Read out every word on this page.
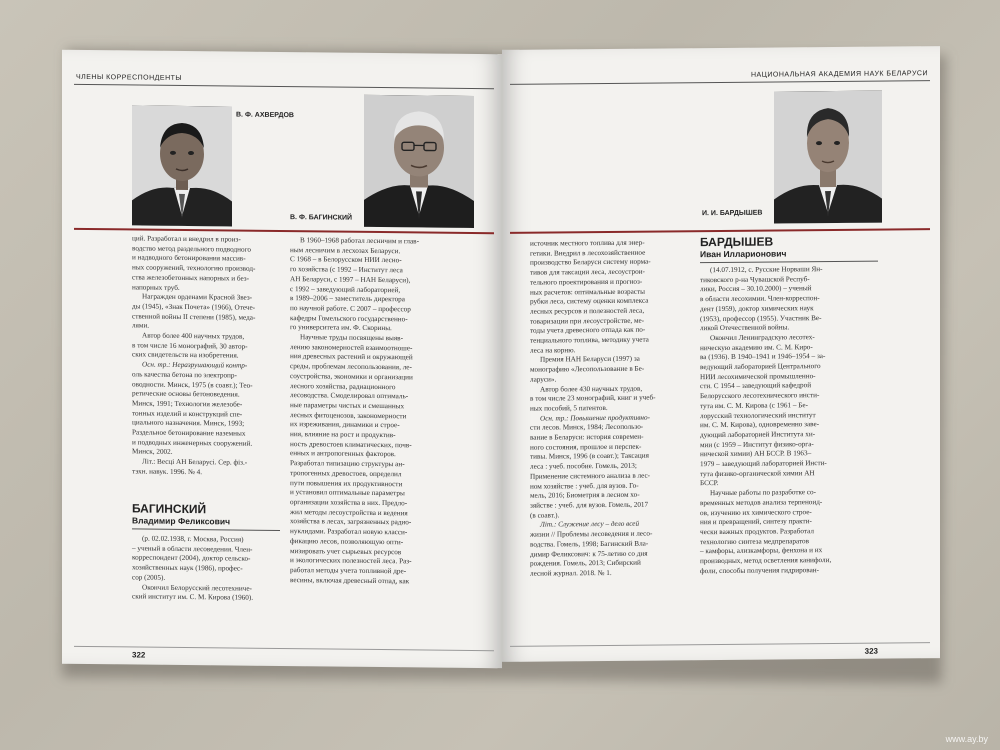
ЧЛЕНЫ КОРРЕСПОНДЕНТЫ
В. Ф. АХВЕРДОВ
В. Ф. БАГИНСКИЙ

ций. Разработал и внедрил в произ-

водство метод раздельного подводного

и надводного бетонирования массив-

ных сооружений, технологию производ-

ства железобетонных напорных и без-

напорных труб.

Награжден орденами Красной Звез-

ды (1945), «Знак Почета» (1966), Отече-

ственной войны II степени (1985), меда-

лями.

Автор более 400 научных трудов,

в том числе 16 монографий, 30 автор-

ских свидетельств на изобретения.

Осн. тр.: Неразрушающий контр-

оль качества бетона по электропр-

оводности. Минск, 1975 (в соавт.); Тео-

ретические основы бетоноведения.

Минск, 1991; Технология железобе-

тонных изделий и конструкций спе-

циального назначения. Минск, 1993;

Раздельное бетонирование наземных

и подводных инженерных сооружений.

Минск, 2002.

Літ.: Весці АН Беларусі. Сер. фіз.-

тэхн. навук. 1996. № 4.

БАГИНСКИЙ
Владимир Феликсович

(р. 02.02.1938, г. Москва, Россия)

– ученый в области лесоведения. Член-

корреспондент (2004), доктор сельско-

хозяйственных наук (1986), профес-

сор (2005).

Окончил Белорусский лесотехниче-

ский институт им. С. М. Кирова (1960).

В 1960–1968 работал лесничим и глав-

ным лесничим в лесхозах Беларуси.

С 1968 – в Белорусском НИИ лесно-

го хозяйства (с 1992 – Институт леса

АН Беларуси, с 1997 – НАН Беларуси),

с 1992 – заведующий лабораторией,

в 1989–2006 – заместитель директора

по научной работе. С 2007 – профессор

кафедры Гомельского государственно-

го университета им. Ф. Скорины.

Научные труды посвящены выяв-

лению закономерностей взаимоотноше-

ния древесных растений и окружающей

среды, проблемам лесопользования, ле-

соустройства, экономики и организации

лесного хозяйства, радиационного

лесоводства. Смоделировал оптималь-

ные параметры чистых и смешанных

лесных фитоценозов, закономерности

их изреживания, динамики и строе-

ния, влияние на рост и продуктив-

ность древостоев климатических, почв-

енных и антропогенных факторов.

Разработал типизацию структуры ан-

тропогенных древостоев, определил

пути повышения их продуктивности

и установил оптимальные параметры

организации хозяйства в них. Предло-

жил методы лесоустройства и ведения

хозяйства в лесах, загрязненных радио-

нуклидами. Разработал новую класси-

фикацию лесов, позволяющую опти-

мизировать учет сырьевых ресурсов

и экологических полезностей леса. Раз-

работал методы учета топливной дре-

весины, включая древесный отпад, как

322
НАЦИОНАЛЬНАЯ АКАДЕМИЯ НАУК БЕЛАРУСИ
И. И. БАРДЫШЕВ

источник местного топлива для энер-

гетики. Внедрил в лесохозяйственное

производство Беларуси систему норма-

тивов для таксации леса, лесоустрои-

тельного проектирования и прогноз-

ных расчетов: оптимальные возрасты

рубки леса, систему оценки комплекса

лесных ресурсов и полезностей леса,

товаризации при лесоустройстве, ме-

тоды учета древесного отпада как по-

тенциального топлива, методику учета

леса на корню.

Премия НАН Беларуси (1997) за

монографию «Лесопользование в Бе-

ларуси».

Автор более 430 научных трудов,

в том числе 23 монографий, книг и учеб-

ных пособий, 5 патентов.

Осн. тр.: Повышение продуктивно-

сти лесов. Минск, 1984; Лесопользо-

вание в Беларуси: история современ-

ного состояния, прошлое и перспек-

тивы. Минск, 1996 (в соавт.); Таксация

леса : учеб. пособие. Гомель, 2013;

Применение системного анализа в лес-

ном хозяйстве : учеб. для вузов. Го-

мель, 2016; Биометрия в лесном хо-

зяйстве : учеб. для вузов. Гомель, 2017

(в соавт.).

Літ.: Служение лесу – дело всей

жизни // Проблемы лесоведения и лесо-

водства. Гомель, 1998; Багинский Вла-

димир Феликсович: к 75-летию со дня

рождения. Гомель, 2013; Сибирский

лесной журнал. 2018. № 1.

БАРДЫШЕВ
Иван Илларионович

(14.07.1912, с. Русские Норваши Ян-

тиковского р-на Чувашской Респуб-

лики, Россия – 30.10.2000) – ученый

в области лесохимии. Член-корреспон-

дент (1959), доктор химических наук

(1953), профессор (1955). Участник Ве-

ликой Отечественной войны.

Окончил Ленинградскую лесотех-

ническую академию им. С. М. Киро-

ва (1936). В 1940–1941 и 1946–1954 – за-

ведующий лабораторией Центрального

НИИ лесохимической промышленно-

сти. С 1954 – заведующий кафедрой

Белорусского лесотехнического инсти-

тута им. С. М. Кирова (с 1961 – Бе-

лорусский технологический институт

им. С. М. Кирова), одновременно заве-

дующий лабораторией Института хи-

мии (с 1959 – Институт физико-орга-

нической химии) АН БССР. В 1963–

1979 – заведующий лабораторией Инсти-

тута физико-органической химии АН

БССР.

Научные работы по разработке со-

временных методов анализа терпеноид-

ов, изучению их химического строе-

ния и превращений, синтезу практи-

чески важных продуктов. Разработал

технологию синтеза медпрепаратов

– камфоры, ализкамфоры, фенхона и их

производных, метод осветления канифоли,

фоли, способы получения гидрирован-

323
www.ay.by
